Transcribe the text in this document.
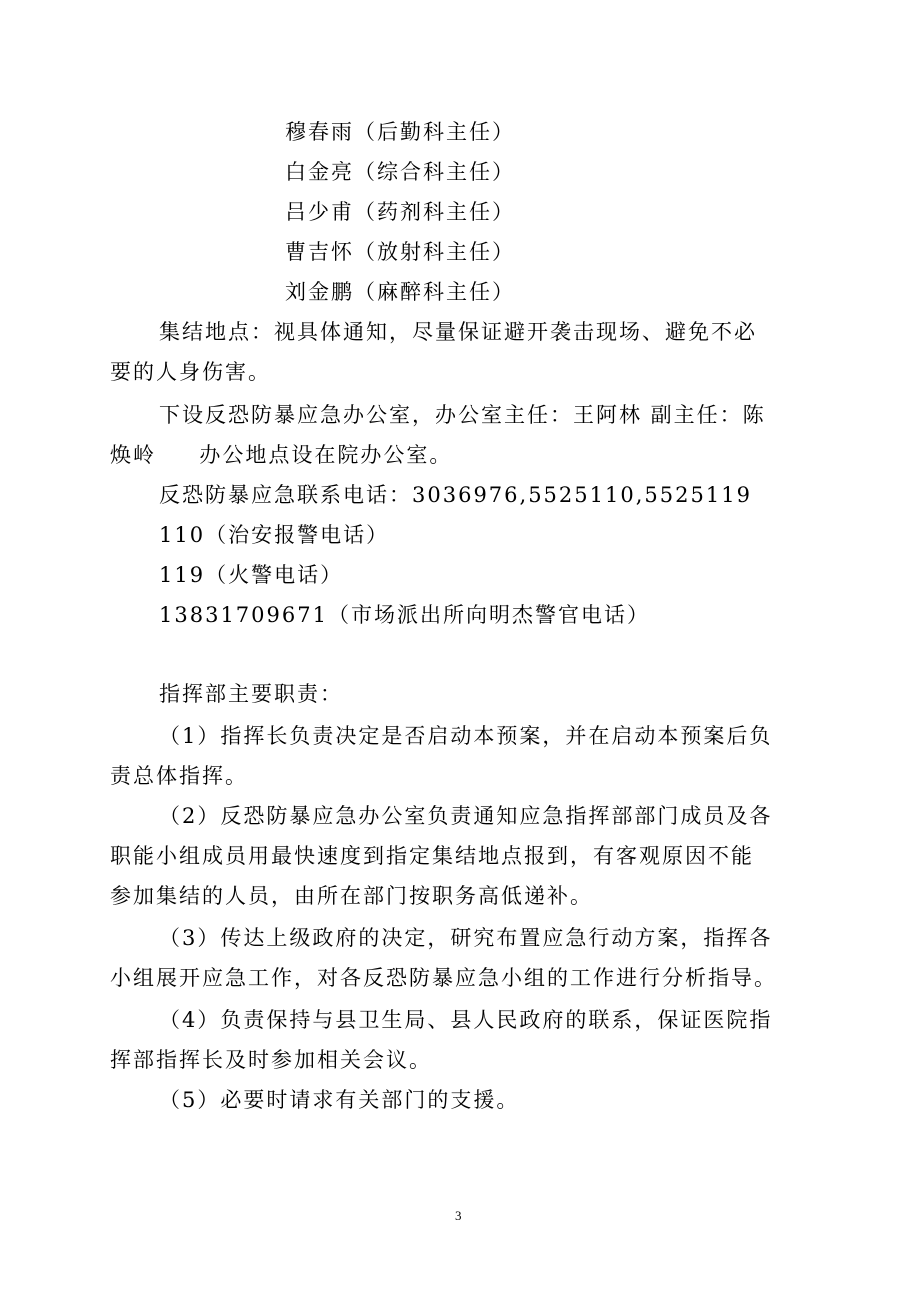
穆春雨（后勤科主任）

白金亮（综合科主任）

吕少甫（药剂科主任）

曹吉怀（放射科主任）

刘金鹏（麻醉科主任）

集结地点：视具体通知，尽量保证避开袭击现场、避免不必

要的人身伤害。

下设反恐防暴应急办公室，办公室主任：王阿林 副主任：陈

焕岭     办公地点设在院办公室。

反恐防暴应急联系电话：3036976,5525110,5525119

110（治安报警电话）

119（火警电话）

13831709671（市场派出所向明杰警官电话）

指挥部主要职责：

（1）指挥长负责决定是否启动本预案，并在启动本预案后负

责总体指挥。

（2）反恐防暴应急办公室负责通知应急指挥部部门成员及各

职能小组成员用最快速度到指定集结地点报到，有客观原因不能

参加集结的人员，由所在部门按职务高低递补。

（3）传达上级政府的决定，研究布置应急行动方案，指挥各

小组展开应急工作，对各反恐防暴应急小组的工作进行分析指导。

（4）负责保持与县卫生局、县人民政府的联系，保证医院指

挥部指挥长及时参加相关会议。

（5）必要时请求有关部门的支援。

3
